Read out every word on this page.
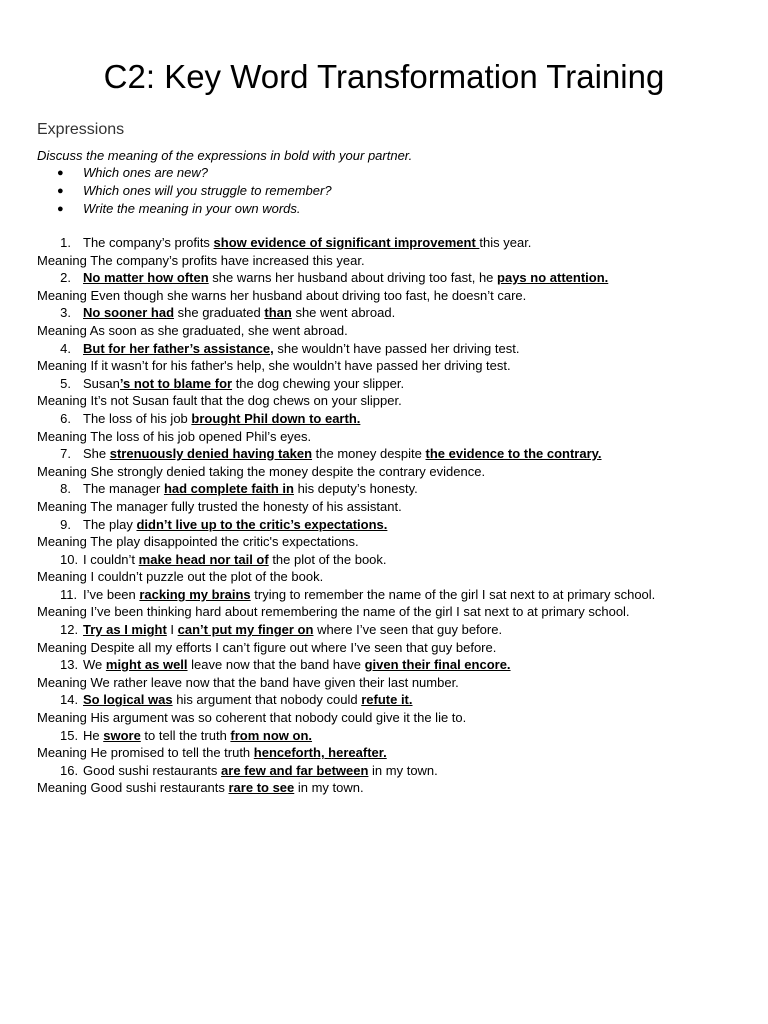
C2: Key Word Transformation Training
Expressions
Discuss the meaning of the expressions in bold with your partner.
● Which ones are new?
● Which ones will you struggle to remember?
● Write the meaning in your own words.
1. The company’s profits show evidence of significant improvement this year.
Meaning The company’s profits have increased this year.
2. No matter how often she warns her husband about driving too fast, he pays no attention.
Meaning Even though she warns her husband about driving too fast, he doesn’t care.
3. No sooner had she graduated than she went abroad.
Meaning As soon as she graduated, she went abroad.
4. But for her father’s assistance, she wouldn’t have passed her driving test.
Meaning If it wasn’t for his father's help, she wouldn’t have passed her driving test.
5. Susan’s not to blame for the dog chewing your slipper.
Meaning It’s not Susan fault that the dog chews on your slipper.
6. The loss of his job brought Phil down to earth.
Meaning The loss of his job opened Phil’s eyes.
7. She strenuously denied having taken the money despite the evidence to the contrary.
Meaning She strongly denied taking the money despite the contrary evidence.
8. The manager had complete faith in his deputy’s honesty.
Meaning The manager fully trusted the honesty of his assistant.
9. The play didn’t live up to the critic’s expectations.
Meaning The play disappointed the critic's expectations.
10. I couldn’t make head nor tail of the plot of the book.
Meaning I couldn’t puzzle out the plot of the book.
11. I’ve been racking my brains trying to remember the name of the girl I sat next to at primary school.
Meaning I’ve been thinking hard about remembering the name of the girl I sat next to at primary school.
12. Try as I might I can’t put my finger on where I’ve seen that guy before.
Meaning Despite all my efforts I can’t figure out where I’ve seen that guy before.
13. We might as well leave now that the band have given their final encore.
Meaning We rather leave now that the band have given their last number.
14. So logical was his argument that nobody could refute it.
Meaning His argument was so coherent that nobody could give it the lie to.
15. He swore to tell the truth from now on.
Meaning He promised to tell the truth henceforth, hereafter.
16. Good sushi restaurants are few and far between in my town.
Meaning Good sushi restaurants rare to see in my town.
